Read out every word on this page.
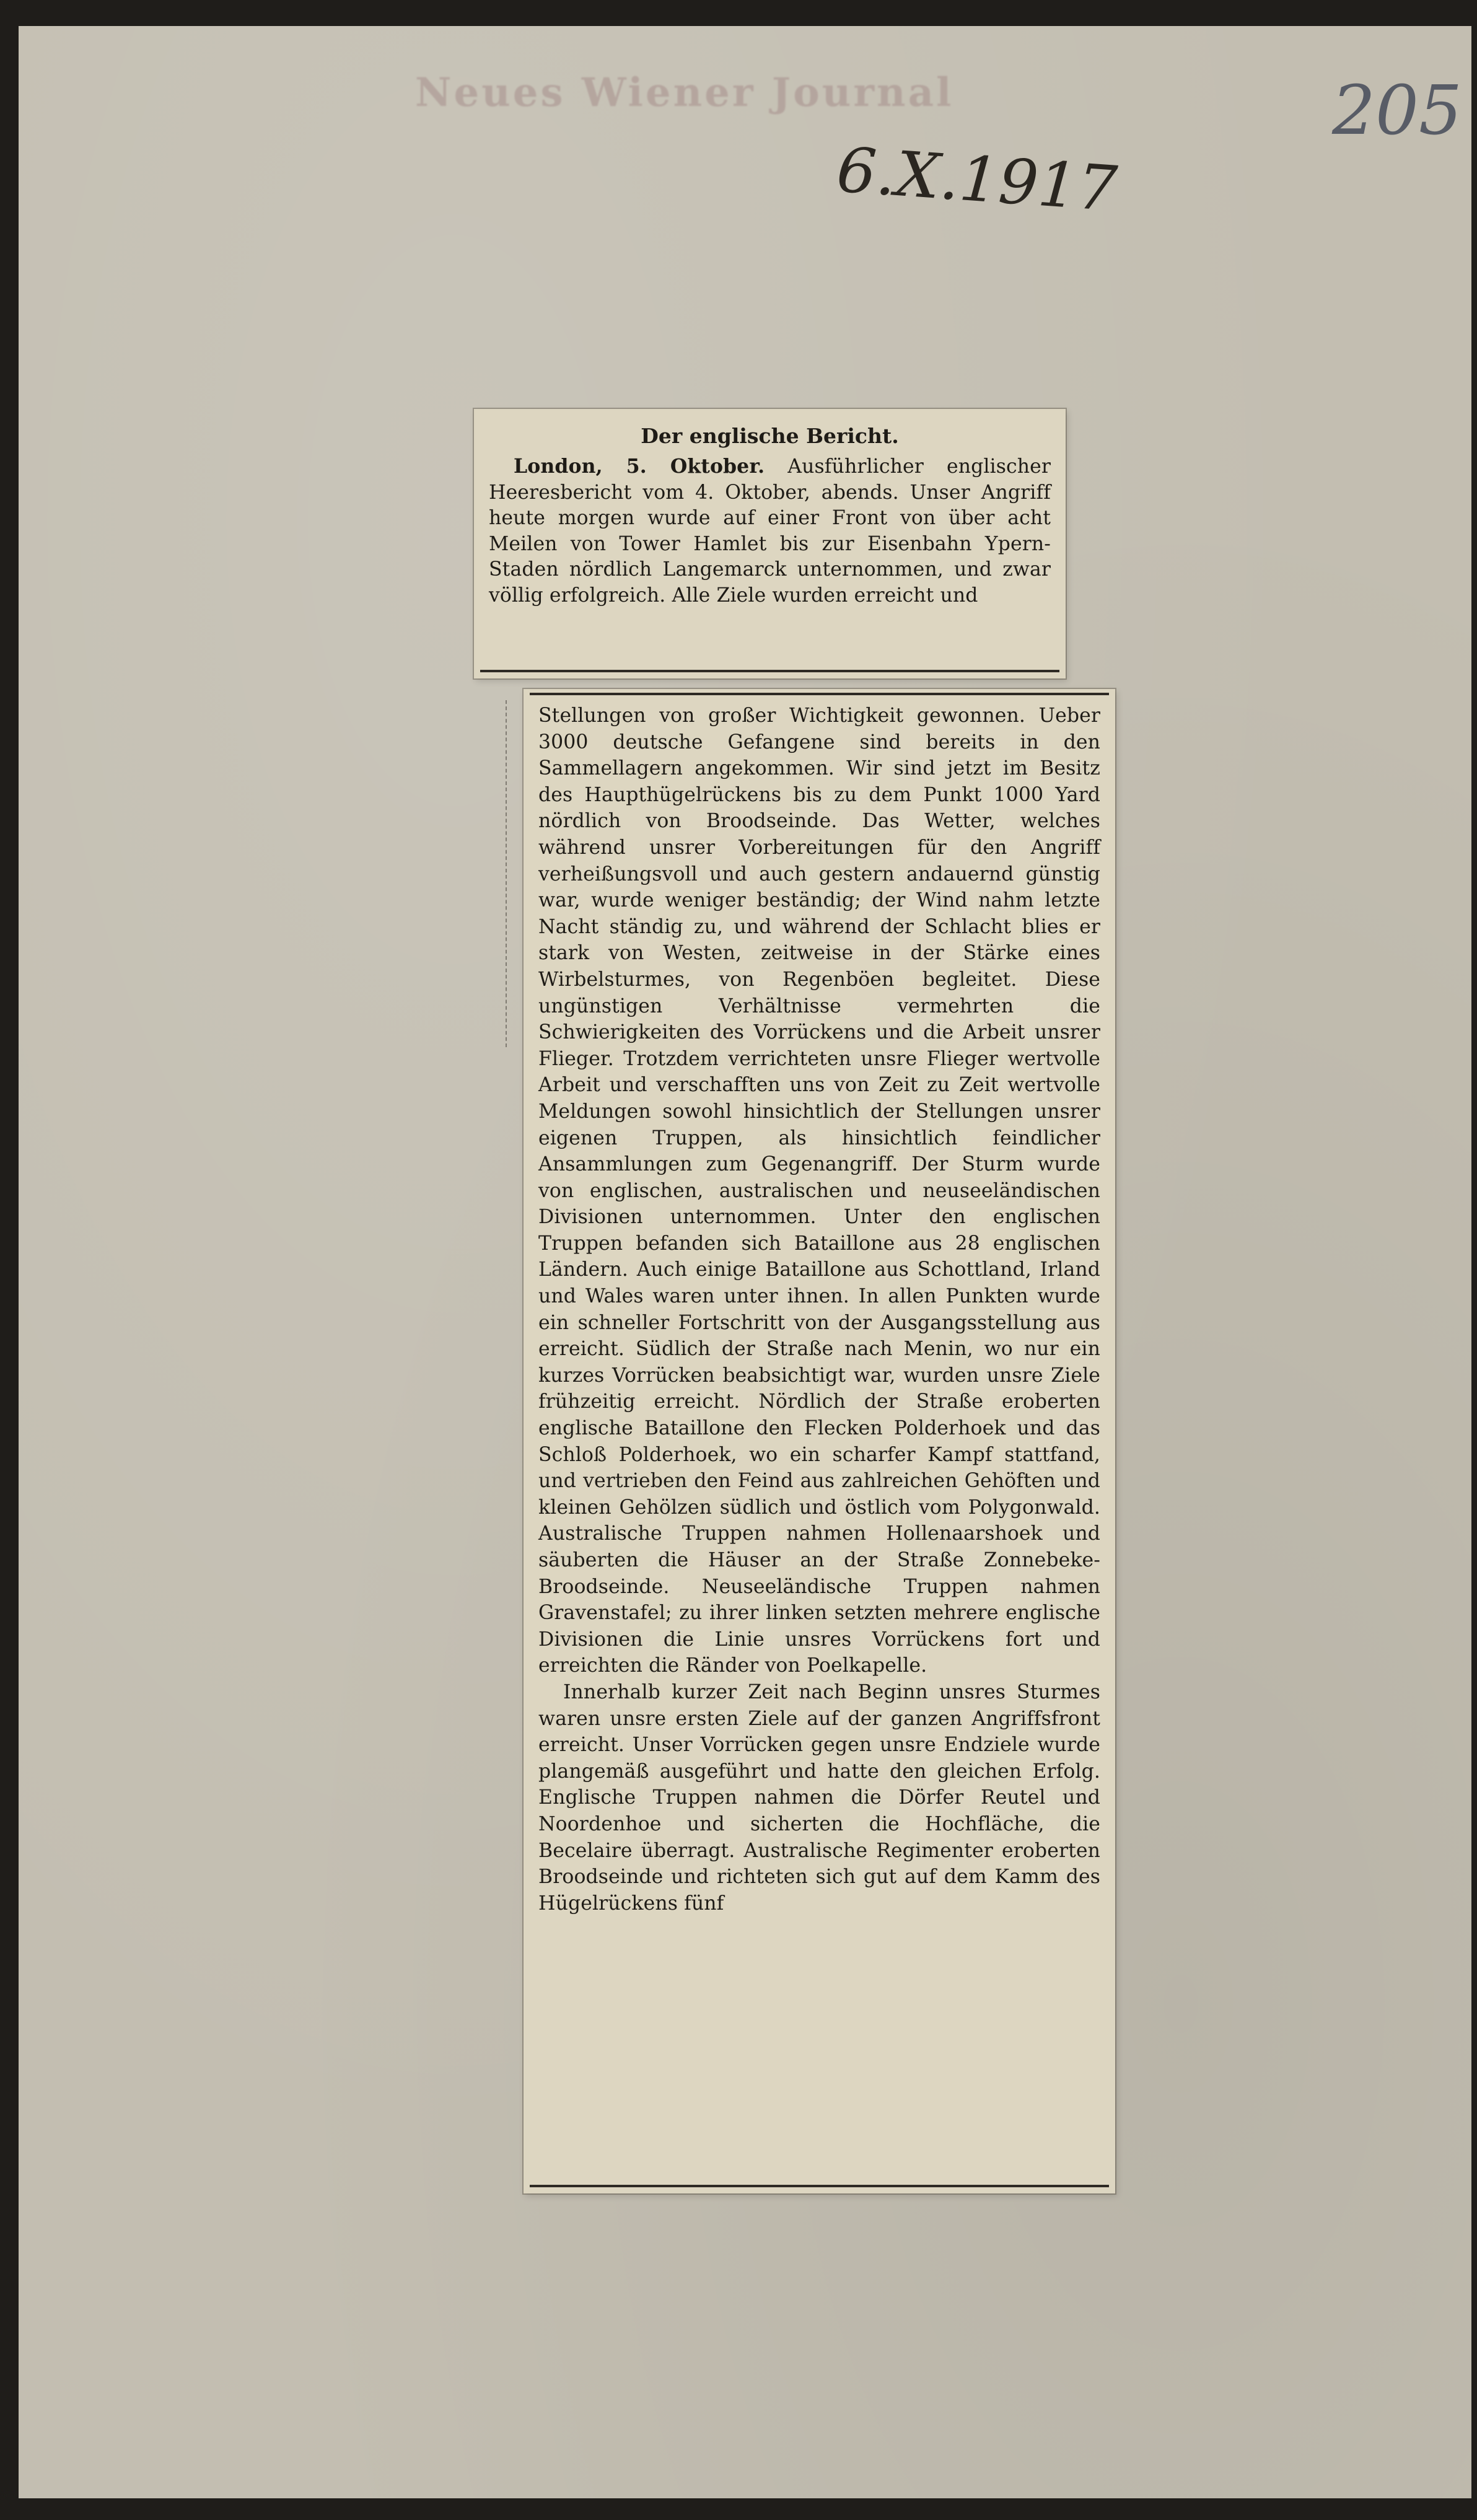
Neues Wiener Journal	205
6.X.1917
Der englische Bericht.
London, 5. Oktober. Ausführlicher englischer Heeresbericht vom 4. Oktober, abends. Unser Angriff heute morgen wurde auf einer Front von über acht Meilen von Tower Hamlet bis zur Eisenbahn Ypern-Staden nördlich Langemarck unternommen, und zwar völlig erfolgreich. Alle Ziele wurden erreicht und
Stellungen von großer Wichtigkeit gewonnen. Ueber 3000 deutsche Gefangene sind bereits in den Sammellagern angekommen. Wir sind jetzt im Besitz des Haupthügelrückens bis zu dem Punkt 1000 Yard nördlich von Broodseinde. Das Wetter, welches während unsrer Vorbereitungen für den Angriff verheißungsvoll und auch gestern andauernd günstig war, wurde weniger beständig; der Wind nahm letzte Nacht ständig zu, und während der Schlacht blies er stark von Westen, zeitweise in der Stärke eines Wirbelsturmes, von Regenböen begleitet. Diese ungünstigen Verhältnisse vermehrten die Schwierigkeiten des Vorrückens und die Arbeit unsrer Flieger. Trotzdem verrichteten unsre Flieger wertvolle Arbeit und verschafften uns von Zeit zu Zeit wertvolle Meldungen sowohl hinsichtlich der Stellungen unsrer eigenen Truppen, als hinsichtlich feindlicher Ansammlungen zum Gegenangriff. Der Sturm wurde von englischen, australischen und neuseeländischen Divisionen unternommen. Unter den englischen Truppen befanden sich Bataillone aus 28 englischen Ländern. Auch einige Bataillone aus Schottland, Irland und Wales waren unter ihnen. In allen Punkten wurde ein schneller Fortschritt von der Ausgangsstellung aus erreicht. Südlich der Straße nach Menin, wo nur ein kurzes Vorrücken beabsichtigt war, wurden unsre Ziele frühzeitig erreicht. Nördlich der Straße eroberten englische Bataillone den Flecken Polderhoek und das Schloß Polderhoek, wo ein scharfer Kampf stattfand, und vertrieben den Feind aus zahlreichen Gehöften und kleinen Gehölzen südlich und östlich vom Polygonwald. Australische Truppen nahmen Hollenaarshoek und säuberten die Häuser an der Straße Zonnebeke-Broodseinde. Neuseeländische Truppen nahmen Gravenstafel; zu ihrer linken setzten mehrere englische Divisionen die Linie unsres Vorrückens fort und erreichten die Ränder von Poelkapelle.
Innerhalb kurzer Zeit nach Beginn unsres Sturmes waren unsre ersten Ziele auf der ganzen Angriffsfront erreicht. Unser Vorrücken gegen unsre Endziele wurde plangemäß ausgeführt und hatte den gleichen Erfolg. Englische Truppen nahmen die Dörfer Reutel und Noordenhoe und sicherten die Hochfläche, die Becelaire überragt. Australische Regimenter eroberten Broodseinde und richteten sich gut auf dem Kamm des Hügelrückens fünf
